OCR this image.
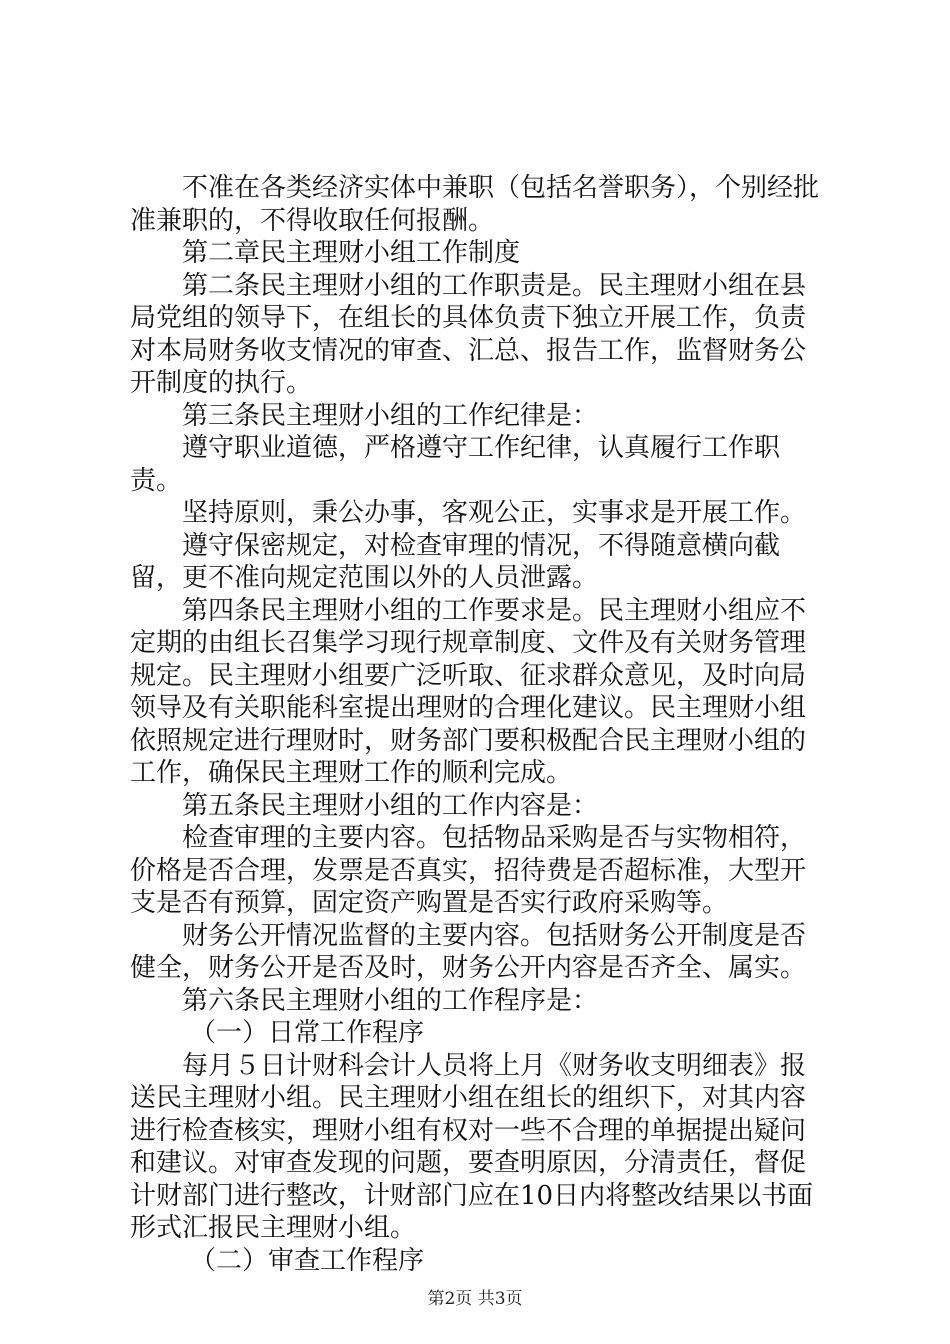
不准在各类经济实体中兼职（包括名誉职务），个别经批准兼职的，不得收取任何报酬。

第二章民主理财小组工作制度

第二条民主理财小组的工作职责是。民主理财小组在县局党组的领导下，在组长的具体负责下独立开展工作，负责对本局财务收支情况的审查、汇总、报告工作，监督财务公开制度的执行。

第三条民主理财小组的工作纪律是：

遵守职业道德，严格遵守工作纪律，认真履行工作职责。

坚持原则，秉公办事，客观公正，实事求是开展工作。

遵守保密规定，对检查审理的情况，不得随意横向截留，更不准向规定范围以外的人员泄露。

第四条民主理财小组的工作要求是。民主理财小组应不定期的由组长召集学习现行规章制度、文件及有关财务管理规定。民主理财小组要广泛听取、征求群众意见，及时向局领导及有关职能科室提出理财的合理化建议。民主理财小组依照规定进行理财时，财务部门要积极配合民主理财小组的工作，确保民主理财工作的顺利完成。

第五条民主理财小组的工作内容是：

检查审理的主要内容。包括物品采购是否与实物相符，价格是否合理，发票是否真实，招待费是否超标准，大型开支是否有预算，固定资产购置是否实行政府采购等。

财务公开情况监督的主要内容。包括财务公开制度是否健全，财务公开是否及时，财务公开内容是否齐全、属实。

第六条民主理财小组的工作程序是：

（一）日常工作程序

每月５日计财科会计人员将上月《财务收支明细表》报送民主理财小组。民主理财小组在组长的组织下，对其内容进行检查核实，理财小组有权对一些不合理的单据提出疑问和建议。对审查发现的问题，要查明原因，分清责任，督促计财部门进行整改，计财部门应在10日内将整改结果以书面形式汇报民主理财小组。

（二）审查工作程序

第2页 共3页
